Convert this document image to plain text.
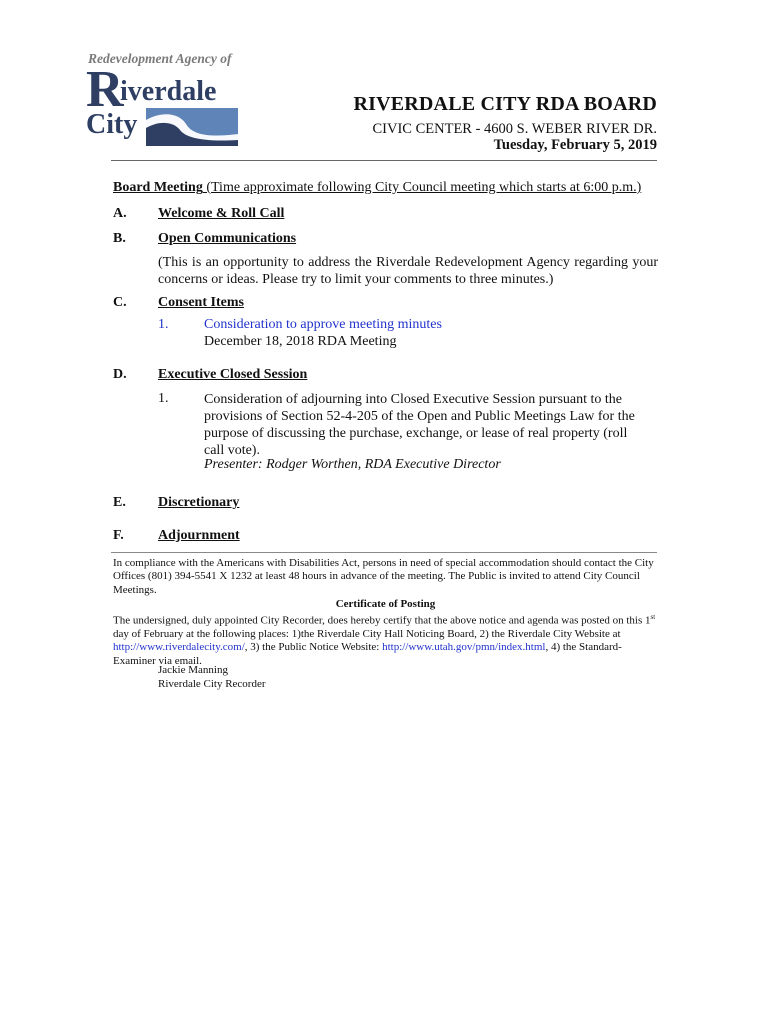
Redevelopment Agency of
R
iverdale
City
RIVERDALE CITY RDA BOARD
CIVIC CENTER - 4600 S. WEBER RIVER DR.
Tuesday, February 5, 2019
Board Meeting (Time approximate following City Council meeting which starts at 6:00 p.m.)
A. Welcome & Roll Call
B. Open Communications
(This is an opportunity to address the Riverdale Redevelopment Agency regarding your concerns or ideas. Please try to limit your comments to three minutes.)
C. Consent Items
1.	Consideration to approve meeting minutes
December 18, 2018 RDA Meeting
D. Executive Closed Session
1.	Consideration of adjourning into Closed Executive Session pursuant to the provisions of Section 52-4-205 of the Open and Public Meetings Law for the purpose of discussing the purchase, exchange, or lease of real property (roll call vote).
Presenter: Rodger Worthen, RDA Executive Director
E. Discretionary
F. Adjournment
In compliance with the Americans with Disabilities Act, persons in need of special accommodation should contact the City Offices (801) 394-5541 X 1232 at least 48 hours in advance of the meeting. The Public is invited to attend City Council Meetings.
Certificate of Posting
The undersigned, duly appointed City Recorder, does hereby certify that the above notice and agenda was posted on this 1st day of February at the following places: 1)the Riverdale City Hall Noticing Board, 2) the Riverdale City Website at http://www.riverdalecity.com/, 3) the Public Notice Website: http://www.utah.gov/pmn/index.html, 4) the Standard-Examiner via email.
Jackie Manning
Riverdale City Recorder
